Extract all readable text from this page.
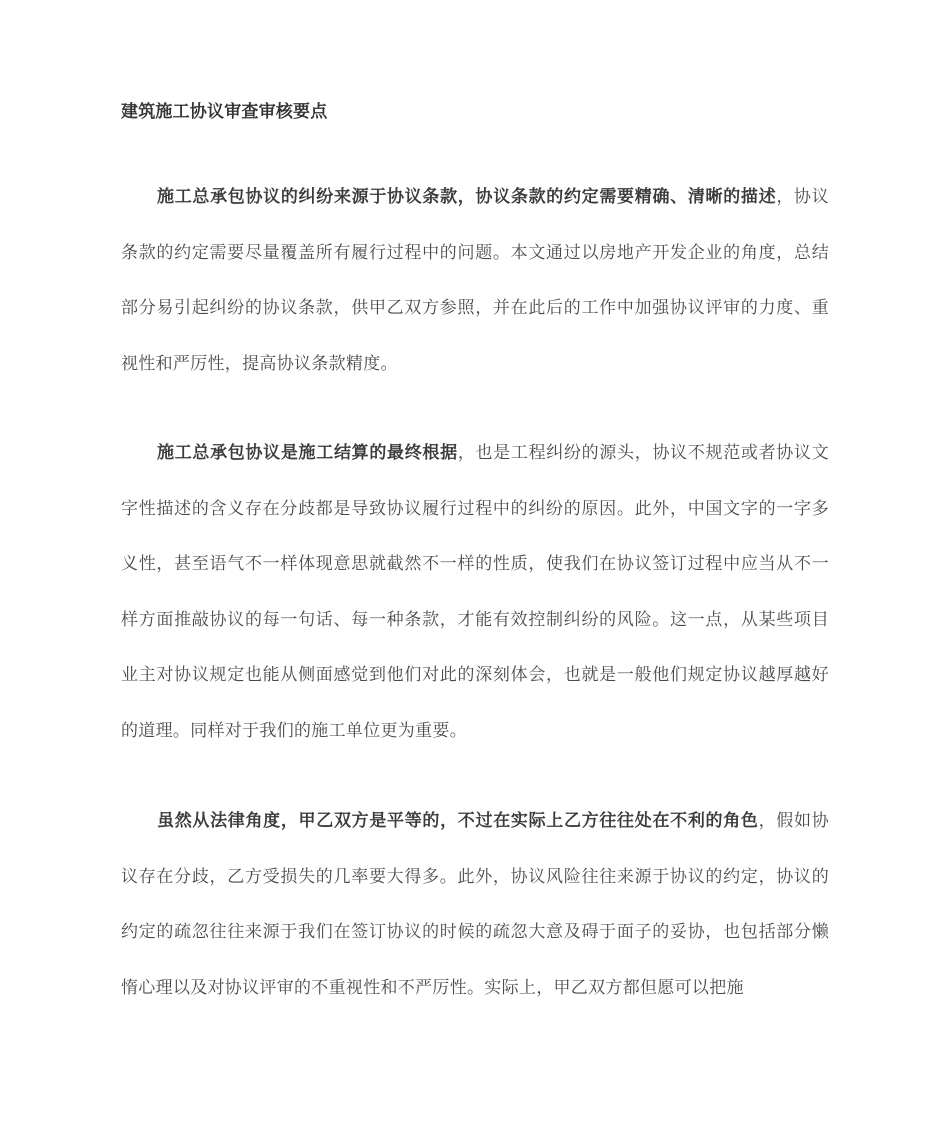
建筑施工协议审查审核要点

施工总承包协议的纠纷来源于协议条款，协议条款的约定需要精确、清晰的描述，协议条款的约定需要尽量覆盖所有履行过程中的问题。本文通过以房地产开发企业的角度，总结部分易引起纠纷的协议条款，供甲乙双方参照，并在此后的工作中加强协议评审的力度、重视性和严厉性，提高协议条款精度。

施工总承包协议是施工结算的最终根据，也是工程纠纷的源头，协议不规范或者协议文字性描述的含义存在分歧都是导致协议履行过程中的纠纷的原因。此外，中国文字的一字多义性，甚至语气不一样体现意思就截然不一样的性质，使我们在协议签订过程中应当从不一样方面推敲协议的每一句话、每一种条款，才能有效控制纠纷的风险。这一点，从某些项目业主对协议规定也能从侧面感觉到他们对此的深刻体会，也就是一般他们规定协议越厚越好的道理。同样对于我们的施工单位更为重要。

虽然从法律角度，甲乙双方是平等的，不过在实际上乙方往往处在不利的角色，假如协议存在分歧，乙方受损失的几率要大得多。此外，协议风险往往来源于协议的约定，协议的约定的疏忽往往来源于我们在签订协议的时候的疏忽大意及碍于面子的妥协，也包括部分懒惰心理以及对协议评审的不重视性和不严厉性。实际上，甲乙双方都但愿可以把施
